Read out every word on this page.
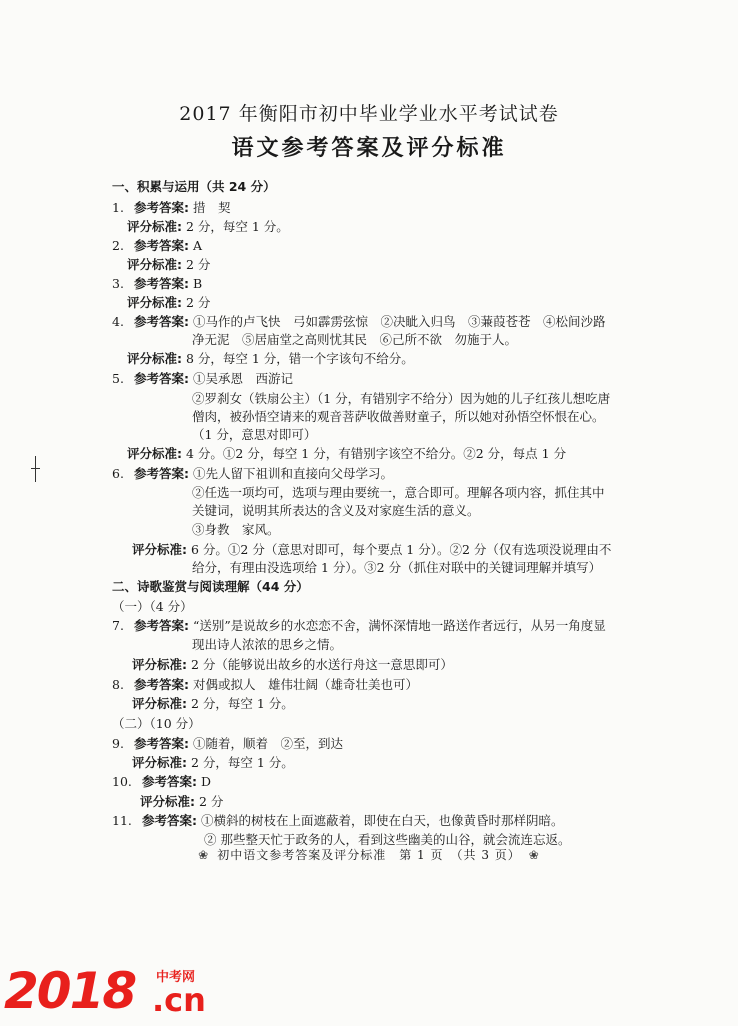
2017 年衡阳市初中毕业学业水平考试试卷
语文参考答案及评分标准
一、积累与运用（共 24 分）
1. 参考答案: 措　契
评分标准: 2 分，每空 1 分。
2. 参考答案: A
评分标准: 2 分
3. 参考答案: B
评分标准: 2 分
4. 参考答案: ①马作的卢飞快　弓如霹雳弦惊　②决眦入归鸟　③蒹葭苍苍　④松间沙路
净无泥　⑤居庙堂之高则忧其民　⑥己所不欲　勿施于人。
评分标准: 8 分，每空 1 分，错一个字该句不给分。
5. 参考答案: ①吴承恩　西游记
②罗刹女（铁扇公主）（1 分，有错别字不给分）因为她的儿子红孩儿想吃唐
僧肉，被孙悟空请来的观音菩萨收做善财童子，所以她对孙悟空怀恨在心。
（1 分，意思对即可）
评分标准: 4 分。①2 分，每空 1 分，有错别字该空不给分。②2 分，每点 1 分
6. 参考答案: ①先人留下祖训和直接向父母学习。
②任选一项均可，选项与理由要统一，意合即可。理解各项内容，抓住其中
关键词，说明其所表达的含义及对家庭生活的意义。
③身教　家风。
评分标准: 6 分。①2 分（意思对即可，每个要点 1 分）。②2 分（仅有选项没说理由不
给分，有理由没选项给 1 分）。③2 分（抓住对联中的关键词理解并填写）
二、诗歌鉴赏与阅读理解（44 分）
（一）（4 分）
7. 参考答案: “送别”是说故乡的水恋恋不舍，满怀深情地一路送作者远行，从另一角度显
现出诗人浓浓的思乡之情。
评分标准: 2 分（能够说出故乡的水送行舟这一意思即可）
8. 参考答案: 对偶或拟人　雄伟壮阔（雄奇壮美也可）
评分标准: 2 分，每空 1 分。
（二）（10 分）
9. 参考答案: ①随着，顺着　②至，到达
评分标准: 2 分，每空 1 分。
10. 参考答案: D
评分标准: 2 分
11. 参考答案: ①横斜的树枝在上面遮蔽着，即使在白天，也像黄昏时那样阴暗。
② 那些整天忙于政务的人，看到这些幽美的山谷，就会流连忘返。
❀ 初中语文参考答案及评分标准　第 1 页　（共 3 页） ❀
2018 中考网
.cn
